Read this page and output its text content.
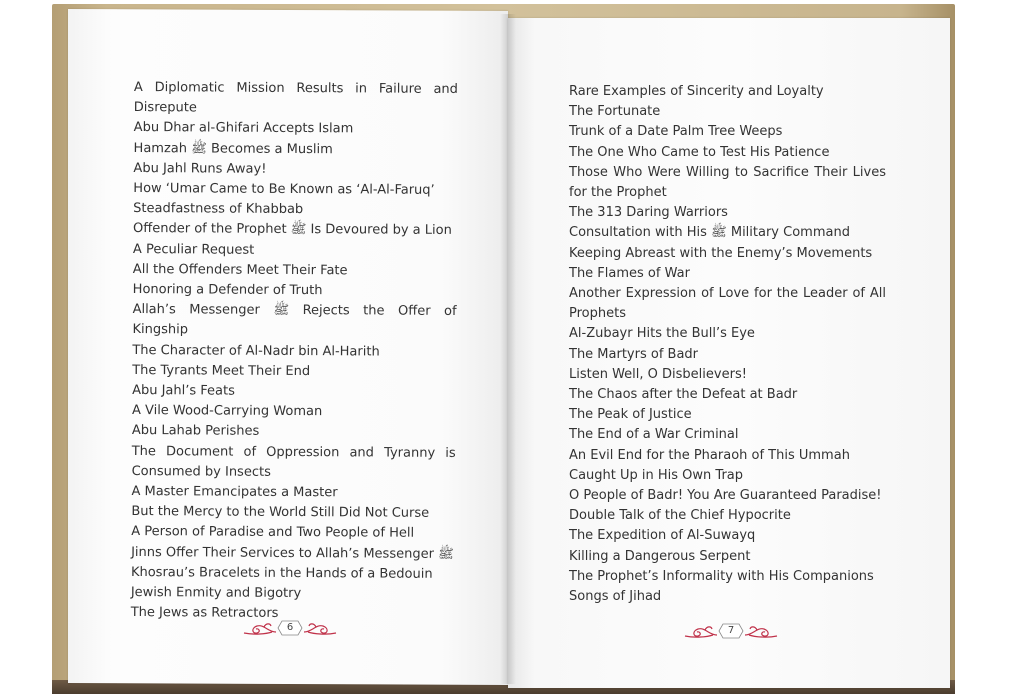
A Diplomatic Mission Results in Failure and Disrepute
Abu Dhar al-Ghifari Accepts Islam
Hamzah ﷺ Becomes a Muslim
Abu Jahl Runs Away!
How ‘Umar Came to Be Known as ‘Al-Al-Faruq’
Steadfastness of Khabbab
Offender of the Prophet ﷺ Is Devoured by a Lion
A Peculiar Request
All the Offenders Meet Their Fate
Honoring a Defender of Truth
Allah’s Messenger ﷺ Rejects the Offer of Kingship
The Character of Al-Nadr bin Al-Harith
The Tyrants Meet Their End
Abu Jahl’s Feats
A Vile Wood-Carrying Woman
Abu Lahab Perishes
The Document of Oppression and Tyranny is Consumed by Insects
A Master Emancipates a Master
But the Mercy to the World Still Did Not Curse
A Person of Paradise and Two People of Hell
Jinns Offer Their Services to Allah’s Messenger ﷺ
Khosrau’s Bracelets in the Hands of a Bedouin
Jewish Enmity and Bigotry
The Jews as Retractors
Rare Examples of Sincerity and Loyalty
The Fortunate
Trunk of a Date Palm Tree Weeps
The One Who Came to Test His Patience
Those Who Were Willing to Sacrifice Their Lives for the Prophet
The 313 Daring Warriors
Consultation with His ﷺ Military Command
Keeping Abreast with the Enemy’s Movements
The Flames of War
Another Expression of Love for the Leader of All Prophets
Al-Zubayr Hits the Bull’s Eye
The Martyrs of Badr
Listen Well, O Disbelievers!
The Chaos after the Defeat at Badr
The Peak of Justice
The End of a War Criminal
An Evil End for the Pharaoh of This Ummah
Caught Up in His Own Trap
O People of Badr! You Are Guaranteed Paradise!
Double Talk of the Chief Hypocrite
The Expedition of Al-Suwayq
Killing a Dangerous Serpent
The Prophet’s Informality with His Companions
Songs of Jihad
6	7
